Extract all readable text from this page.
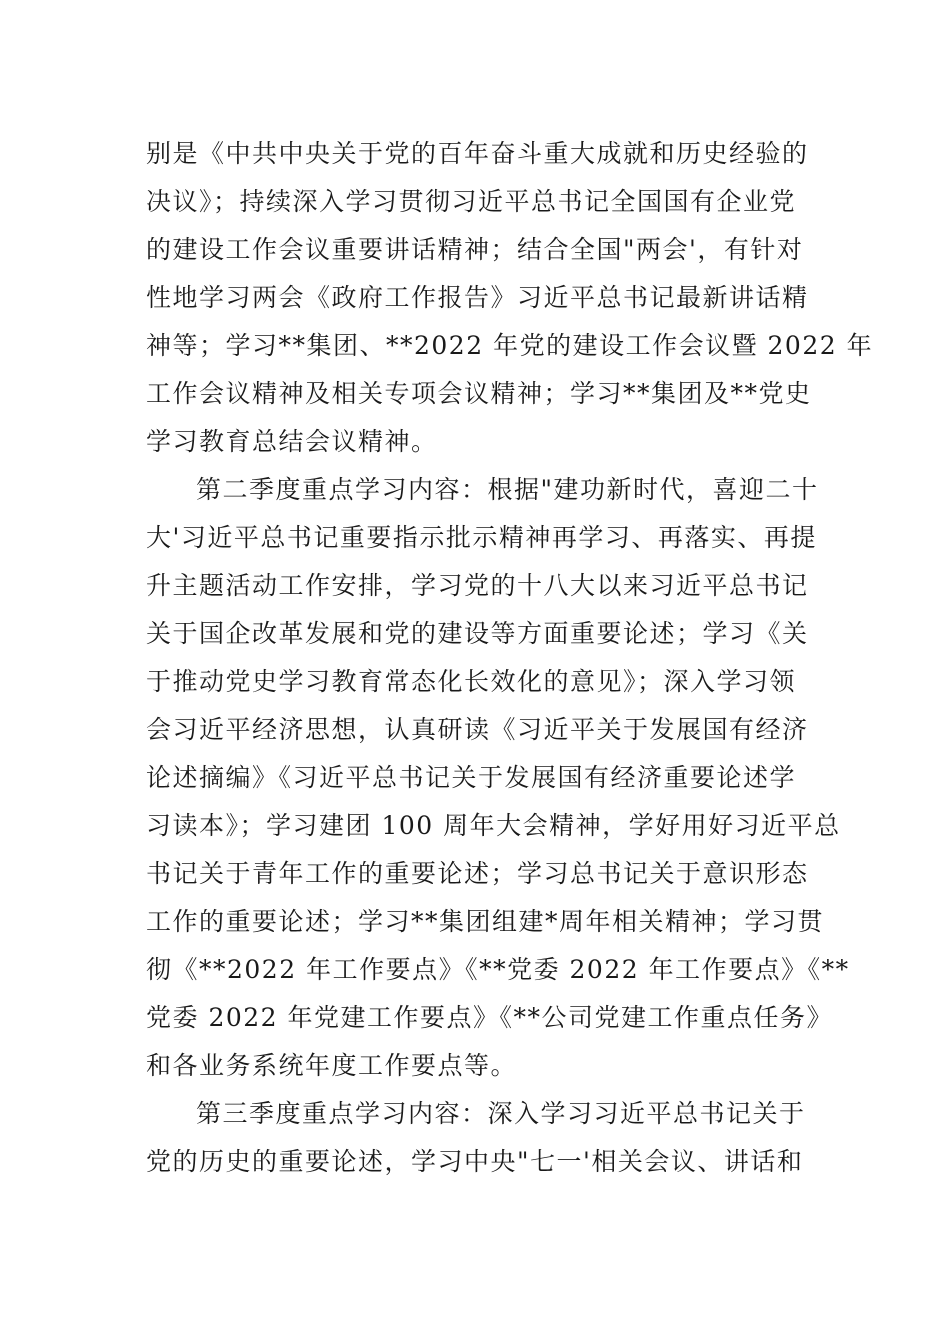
别是《中共中央关于党的百年奋斗重大成就和历史经验的
决议》；持续深入学习贯彻习近平总书记全国国有企业党
的建设工作会议重要讲话精神；结合全国"两会'，有针对
性地学习两会《政府工作报告》习近平总书记最新讲话精
神等；学习**集团、**2022 年党的建设工作会议暨 2022 年
工作会议精神及相关专项会议精神；学习**集团及**党史
学习教育总结会议精神。
第二季度重点学习内容：根据"建功新时代，喜迎二十
大'习近平总书记重要指示批示精神再学习、再落实、再提
升主题活动工作安排，学习党的十八大以来习近平总书记
关于国企改革发展和党的建设等方面重要论述；学习《关
于推动党史学习教育常态化长效化的意见》；深入学习领
会习近平经济思想，认真研读《习近平关于发展国有经济
论述摘编》《习近平总书记关于发展国有经济重要论述学
习读本》；学习建团 100 周年大会精神，学好用好习近平总
书记关于青年工作的重要论述；学习总书记关于意识形态
工作的重要论述；学习**集团组建*周年相关精神；学习贯
彻《**2022 年工作要点》《**党委 2022 年工作要点》《**
党委 2022 年党建工作要点》《**公司党建工作重点任务》
和各业务系统年度工作要点等。
第三季度重点学习内容：深入学习习近平总书记关于
党的历史的重要论述，学习中央"七一'相关会议、讲话和
